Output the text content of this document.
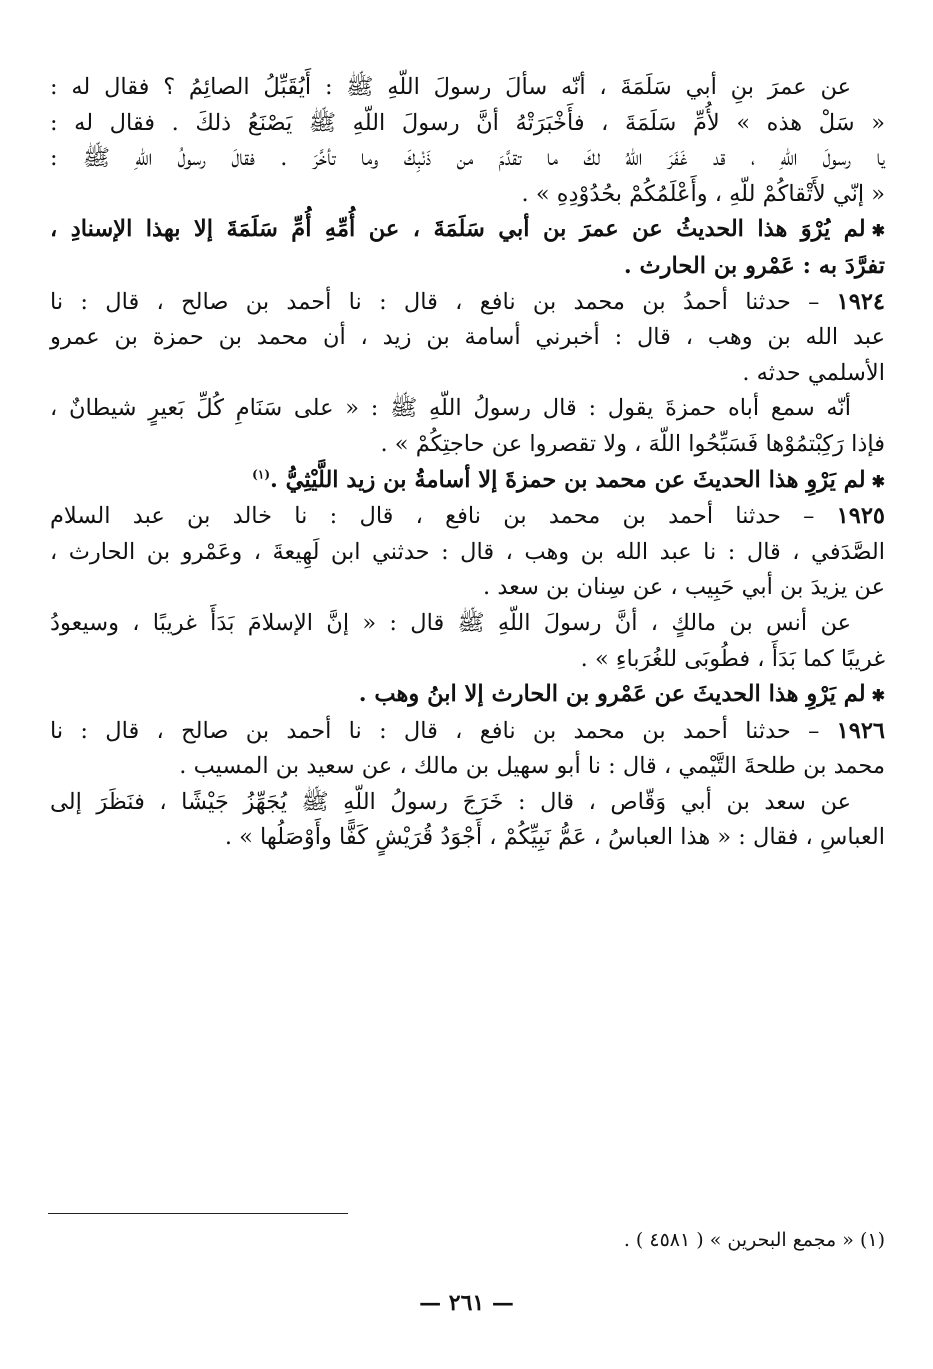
عن عمرَ بنِ أبي سَلَمَةَ ، أنّه سألَ رسولَ اللّهِ ﷺ : أَيُقَبِّلُ الصائِمُ ؟ فقال له :

« سَلْ هذه » لأُمِّ سَلَمَةَ ، فأَخْبَرَتْهُ أنَّ رسولَ اللّهِ ﷺ يَصْنَعُ ذلكَ . فقال له :

يا رسولَ اللّهِ ، قد غَفَرَ اللّهُ لكَ ما تقدَّمَ من ذَنْبِكَ وما تأخَّرَ . فقالَ رسولُ اللّهِ ﷺ :

« إنّي لأَتْقاكُمْ للّهِ ، وأَعْلَمُكُمْ بحُدُوْدِهِ » .

✱لم يُرْوَ هذا الحديثُ عن عمرَ بن أبي سَلَمَةَ ، عن أُمِّهِ أُمِّ سَلَمَةَ إلا بهذا الإسنادِ ،

تفرَّدَ به : عَمْرو بن الحارث .

١٩٢٤ – حدثنا أحمدُ بن محمد بن نافع ، قال : نا أحمد بن صالح ، قال : نا

عبد الله بن وهب ، قال : أخبرني أسامة بن زيد ، أن محمد بن حمزة بن عمرو

الأسلمي حدثه .

أنّه سمع أباه حمزةَ يقول : قال رسولُ اللّهِ ﷺ : « على سَنَامِ كُلِّ بَعيرٍ شيطانٌ ،

فإذا رَكِبْتمُوْها فَسَبِّحُوا اللّهَ ، ولا تقصروا عن حاجتِكُمْ » .

✱لم يَرْوِ هذا الحديثَ عن محمد بن حمزةَ إلا أسامةُ بن زيد اللَّيْثِيُّ .$^{(١)}$

١٩٢٥ – حدثنا أحمد بن محمد بن نافع ، قال : نا خالد بن عبد السلام

الصَّدَفي ، قال : نا عبد الله بن وهب ، قال : حدثني ابن لَهِيعةَ ، وعَمْرو بن الحارث ،

عن يزيدَ بن أبي حَبِيب ، عن سِنان بن سعد .

عن أنس بن مالكٍ ، أنَّ رسولَ اللّهِ ﷺ قال : « إنَّ الإسلامَ بَدَأَ غريبًا ، وسيعودُ

غريبًا كما بَدَأَ ، فطُوبَى للغُرَباءِ » .

✱لم يَرْوِ هذا الحديثَ عن عَمْرو بن الحارث إلا ابنُ وهب .

١٩٢٦ – حدثنا أحمد بن محمد بن نافع ، قال : نا أحمد بن صالح ، قال : نا

محمد بن طلحةَ التَّيْمي ، قال : نا أبو سهيل بن مالك ، عن سعيد بن المسيب .

عن سعد بن أبي وَقّاص ، قال : خَرَجَ رسولُ اللّهِ ﷺ يُجَهِّزُ جَيْشًا ، فنَظَرَ إلى

العباسِ ، فقال : « هذا العباسُ ، عَمُّ نَبِيِّكُمْ ، أَجْوَدُ قُرَيْشٍ كَفًّا وأَوْصَلُها » .

(١) « مجمع البحرين » ( ٤٥٨١ ) .
— ٢٦١ —
